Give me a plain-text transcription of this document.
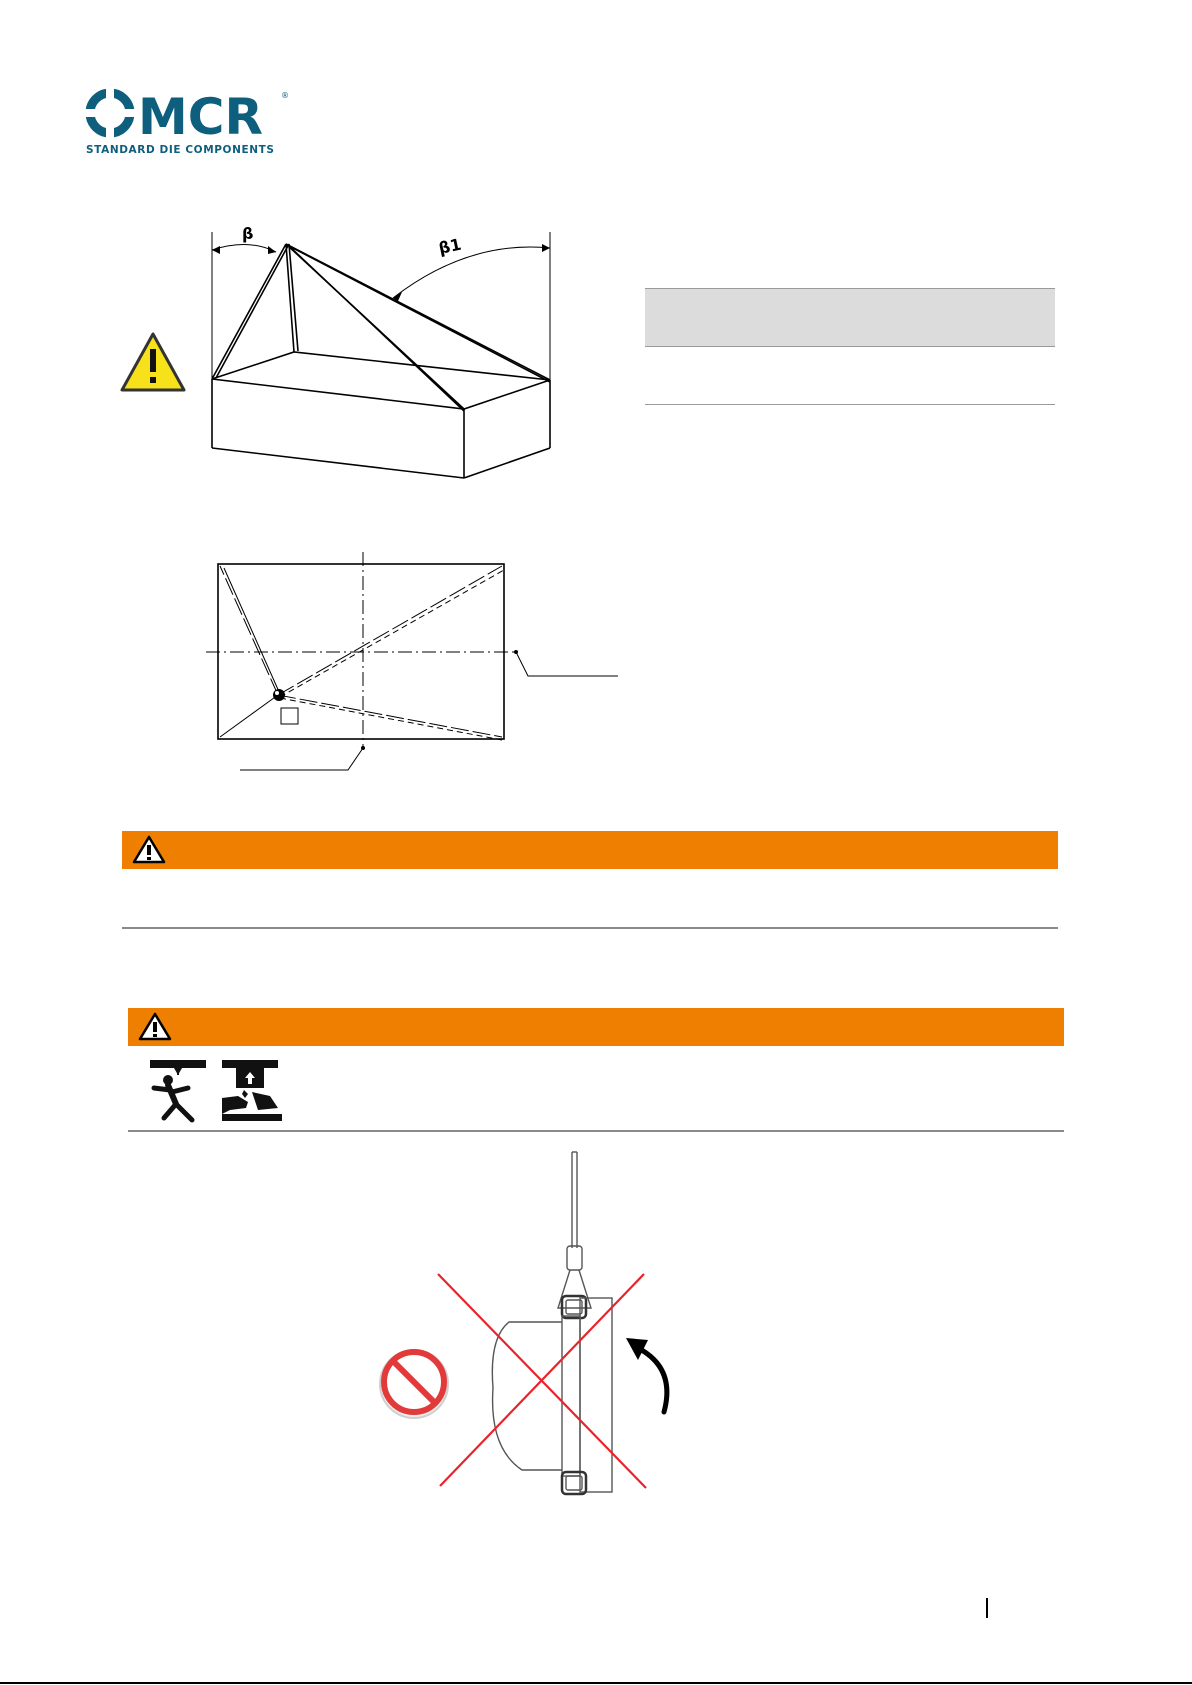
MCR ®
STANDARD DIE COMPONENTS
β
β1
